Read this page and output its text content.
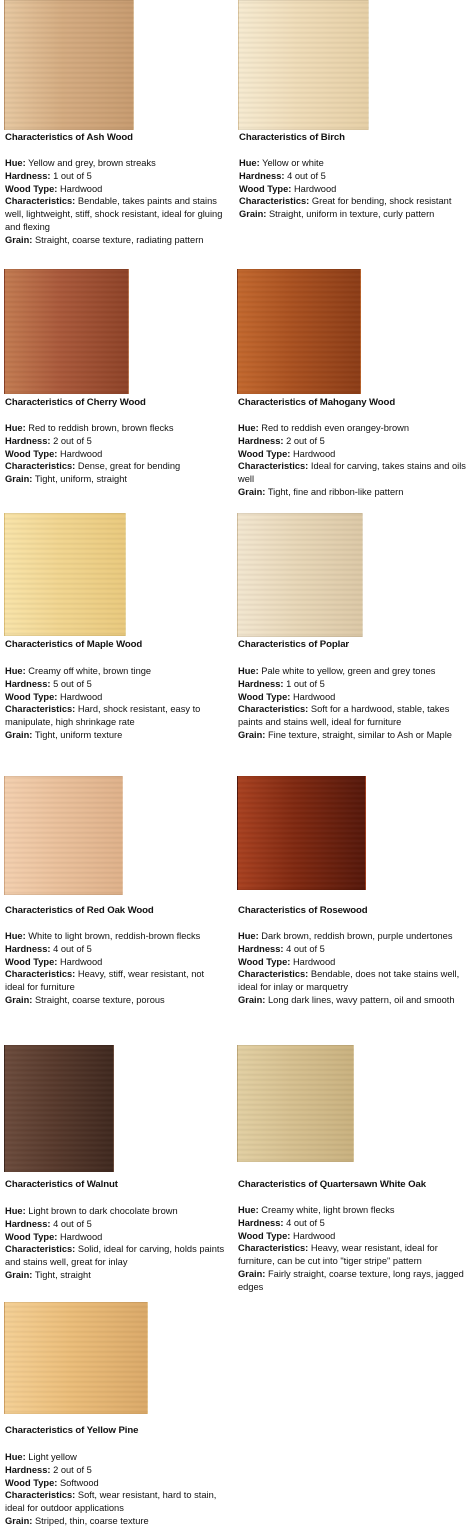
Characteristics of Ash Wood
Hue: Yellow and grey, brown streaks
Hardness: 1 out of 5
Wood Type: Hardwood
Characteristics: Bendable, takes paints and stains well, lightweight, stiff, shock resistant, ideal for gluing and flexing
Grain: Straight, coarse texture, radiating pattern
Characteristics of Birch
Hue: Yellow or white
Hardness: 4 out of 5
Wood Type: Hardwood
Characteristics: Great for bending, shock resistant
Grain: Straight, uniform in texture, curly pattern
Characteristics of Cherry Wood
Hue: Red to reddish brown, brown flecks
Hardness: 2 out of 5
Wood Type: Hardwood
Characteristics: Dense, great for bending
Grain: Tight, uniform, straight
Characteristics of Mahogany Wood
Hue: Red to reddish even orangey-brown
Hardness: 2 out of 5
Wood Type: Hardwood
Characteristics: Ideal for carving, takes stains and oils well
Grain: Tight, fine and ribbon-like pattern
Characteristics of Maple Wood
Hue: Creamy off white, brown tinge
Hardness: 5 out of 5
Wood Type: Hardwood
Characteristics: Hard, shock resistant, easy to manipulate, high shrinkage rate
Grain: Tight, uniform texture
Characteristics of Poplar
Hue: Pale white to yellow, green and grey tones
Hardness: 1 out of 5
Wood Type: Hardwood
Characteristics: Soft for a hardwood, stable, takes paints and stains well, ideal for furniture
Grain: Fine texture, straight, similar to Ash or Maple
Characteristics of Red Oak Wood
Hue: White to light brown, reddish-brown flecks
Hardness: 4 out of 5
Wood Type: Hardwood
Characteristics: Heavy, stiff, wear resistant, not ideal for furniture
Grain: Straight, coarse texture, porous
Characteristics of Rosewood
Hue: Dark brown, reddish brown, purple undertones
Hardness: 4 out of 5
Wood Type: Hardwood
Characteristics: Bendable, does not take stains well, ideal for inlay or marquetry
Grain: Long dark lines, wavy pattern, oil and smooth
Characteristics of Walnut
Hue: Light brown to dark chocolate brown
Hardness: 4 out of 5
Wood Type: Hardwood
Characteristics: Solid, ideal for carving, holds paints and stains well, great for inlay
Grain: Tight, straight
Characteristics of Quartersawn White Oak
Hue: Creamy white, light brown flecks
Hardness: 4 out of 5
Wood Type: Hardwood
Characteristics: Heavy, wear resistant, ideal for furniture, can be cut into "tiger stripe" pattern
Grain: Fairly straight, coarse texture, long rays, jagged edges
Characteristics of Yellow Pine
Hue: Light yellow
Hardness: 2 out of 5
Wood Type: Softwood
Characteristics: Soft, wear resistant, hard to stain, ideal for outdoor applications
Grain: Striped, thin, coarse texture
